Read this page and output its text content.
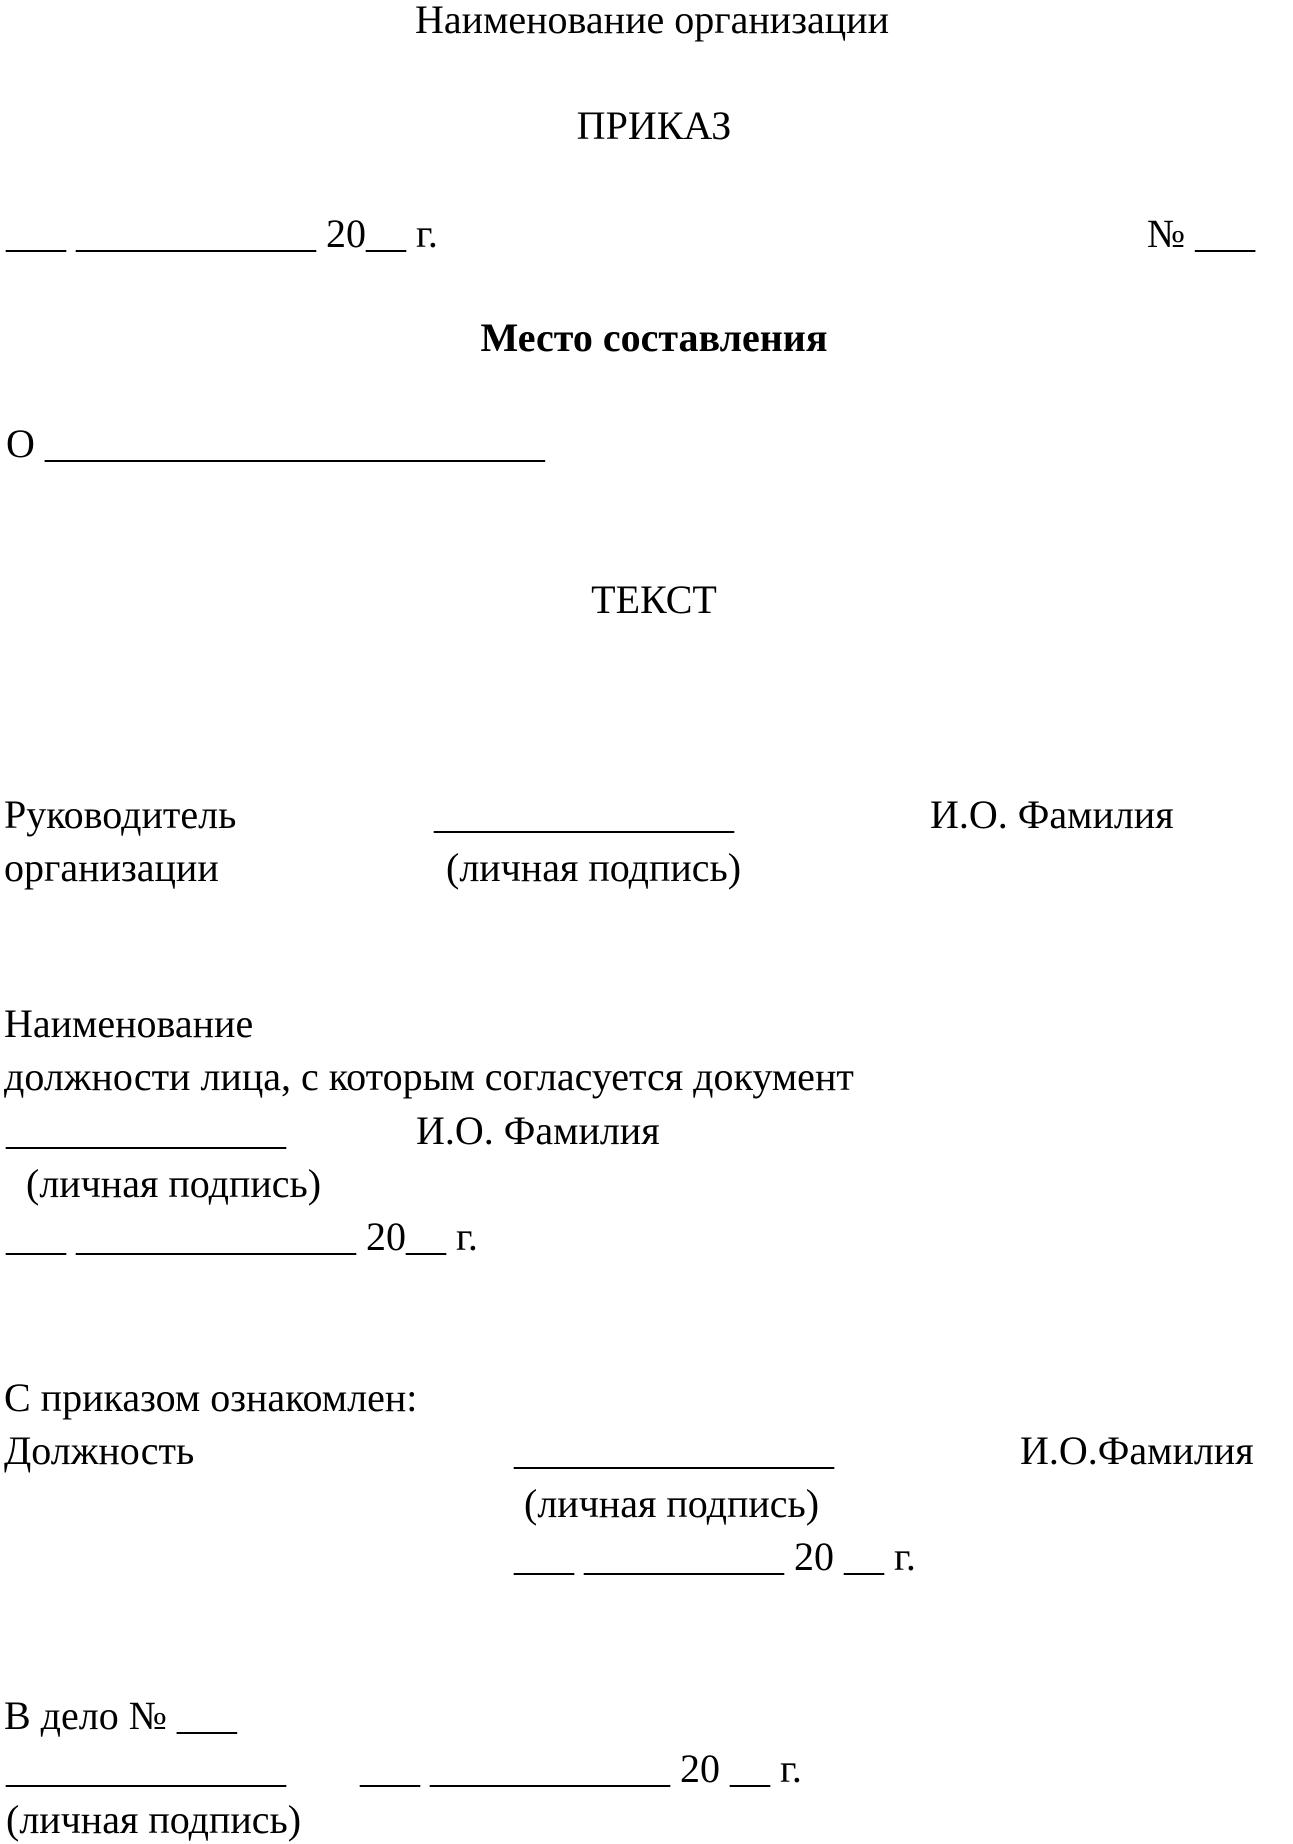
Наименование организации
ПРИКАЗ
___ ____________ 20__ г.	№ ___
Место составления
О _________________________
ТЕКСТ
Руководитель
организации
_______________
(личная подпись)
И.О. Фамилия
Наименование
должности лица, с которым согласуется документ
______________	И.О. Фамилия
(личная подпись)
___ ______________ 20__ г.
С приказом ознакомлен:
Должность	________________	И.О.Фамилия
(личная подпись)
___ __________ 20 __ г.
В дело № ___
______________ ___ ____________ 20 __ г.
(личная подпись)
